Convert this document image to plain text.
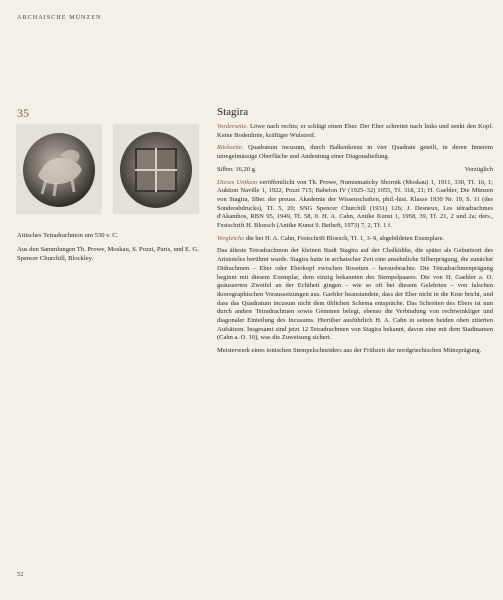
ARCHAISCHE MÜNZEN
35

Attisches Tetradrachmon um 530 v. C.

Aus den Sammlungen Th. Prowe, Moskau, S. Pozzi, Paris, und E. G. Spencer Churchill, Blockley.

Stagira

Vorderseite. Löwe nach rechts; er schlägt einen Eber. Der Eber schreitet nach links und senkt den Kopf. Keine Bodenlinie, kräftiger Wulstreif.

Rückseite. Quadratum incusum, durch Balkenkreuz in vier Quadrate geteilt, in deren Innerem unregelmässige Oberfläche und Andeutung einer Diagonalteilung.

Silber. 16,20 g.	Vorzüglich

Dieses Unikum veröffentlicht von Th. Prowe, Numismaticky Sbornik (Moskau) 1, 1911, 330, Tf. 16, 1; Auktion Naville 1, 1922, Pozzi 715; Babelon IV (1925–32) 1055, Tf. 318, 21; H. Gaebler, Die Münzen von Stagira, SBer. der preuss. Akademie der Wissenschaften, phil.-hist. Klasse 1930 Nr. 19, S. 11 (des Sonderabdrucks), Tf. 5, 20; SNG Spencer Churchill (1931) 126; J. Desneux, Les tétradrachmes d'Akanthos, RBN 95, 1949, Tf. 58, 0. H. A. Cahn, Antike Kunst 1, 1958, 39, Tf. 21, 2 und 2a; ders., Festschrift H. Bloesch (Antike Kunst 9. Beiheft, 1973) 7, 2, Tf. 1 f.

Vergleiche die bei H. A. Cahn, Festschrift Bloesch, Tf. 1, 3–9, abgebildeten Exemplare.

Das älteste Tetradrachmon der kleinen Stadt Stagira auf der Chalkidike, die später als Geburtsort des Aristoteles berühmt wurde. Stagira hatte in archaischer Zeit eine ansehnliche Silberprägung, die zunächst Didrachmen – Eber oder Eberkopf zwischen Rosetten – herausbrachte. Die Tetradrachmenprägung beginnt mit diesem Exemplar, dem einzig bekannten des Stempelpaares. Die von H. Gaebler a. O. geäusserten Zweifel an der Echtheit gingen – wie so oft bei diesem Gelehrten – von falschen ikonographischen Voraussetzungen aus. Gaebler beanstandete, dass der Eber nicht in die Knie bricht, und dass das Quadratum incusum nicht dem üblichen Schema entspräche. Das Schreiten des Ebers ist nun durch andere Tetradrachmen sowie Gemmen belegt, ebenso die Verbindung von rechtwinkliger und diagonaler Einteilung des Incusums. Hierüber ausführlich H. A. Cahn in seinen beiden oben zitierten Aufsätzen. Insgesamt sind jetzt 12 Tetradrachmen von Stagira bekannt, davon eine mit dem Stadtnamen (Cahn a. O. 10), was die Zuweisung sichert.

Meisterwerk eines ionischen Stempelschneiders aus der Frühzeit der nordgriechischen Münzprägung.

52
